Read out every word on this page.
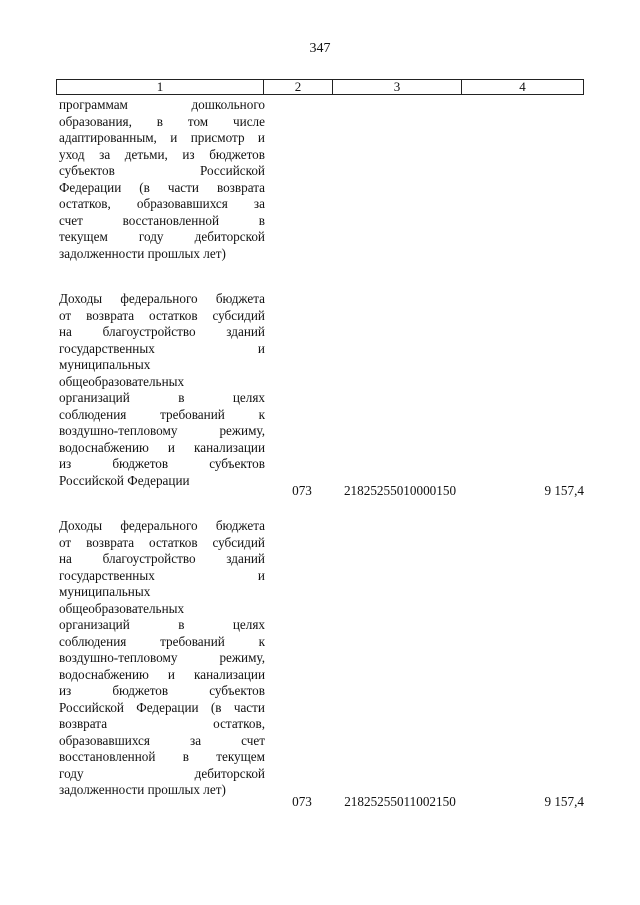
347
1	2	3	4
программам дошкольного
образования, в том числе
адаптированным, и присмотр и
уход за детьми, из бюджетов
субъектов Российской
Федерации (в части возврата
остатков, образовавшихся за
счет восстановленной в
текущем году дебиторской
задолженности прошлых лет)
Доходы федерального бюджета
от возврата остатков субсидий
на благоустройство зданий
государственных и
муниципальных
общеобразовательных
организаций в целях
соблюдения требований к
воздушно-тепловому режиму,
водоснабжению и канализации
из бюджетов субъектов
Российской Федерации
073	21825255010000150	9 157,4
Доходы федерального бюджета
от возврата остатков субсидий
на благоустройство зданий
государственных и
муниципальных
общеобразовательных
организаций в целях
соблюдения требований к
воздушно-тепловому режиму,
водоснабжению и канализации
из бюджетов субъектов
Российской Федерации (в части
возврата остатков,
образовавшихся за счет
восстановленной в текущем
году дебиторской
задолженности прошлых лет)
073	21825255011002150	9 157,4
